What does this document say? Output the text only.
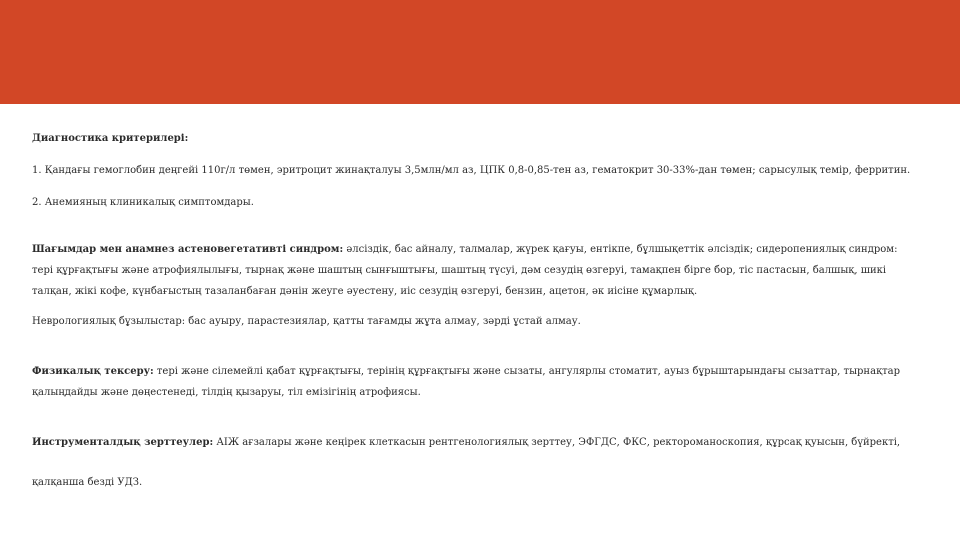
Диагностика критерилері:

1. Қандағы гемоглобин деңгейі 110г/л төмен, эритроцит жинақталуы 3,5млн/мл аз, ЦПК 0,8-0,85-тен аз, гематокрит 30-33%-дан төмен; сарысулық темір, ферритин.

2. Анемияның клиникалық симптомдары.

Шағымдар мен анамнез астеновегетативті синдром: әлсіздік, бас айналу, талмалар, жүрек қағуы, ентікпе, бұлшықеттік әлсіздік; сидеропениялық синдром: тері құрғақтығы және атрофиялылығы, тырнақ және шаштың сынғыштығы, шаштың түсуі, дәм сезудің өзгеруі, тамақпен бірге бор, тіс пастасын, балшық, шикі талқан, жікі кофе, күнбағыстың тазаланбаған дәнін жеуге әуестену, иіс сезудің өзгеруі, бензин, ацетон, әк иісіне құмарлық.

Неврологиялық бұзылыстар: бас ауыру, парастезиялар, қатты тағамды жұта алмау, зәрді ұстай алмау.

Физикалық тексеру: тері және сілемейлі қабат құрғақтығы, терінің құрғақтығы және сызаты, ангулярлы стоматит, ауыз бұрыштарындағы сызаттар, тырнақтар қалыңдайды және дөңестенеді, тілдің қызаруы, тіл емізігінің атрофиясы.

Инструменталдық зерттеулер: АІЖ ағзалары және кеңірек клеткасын рентгенологиялық зерттеу, ЭФГДС, ФКС, ректороманоскопия, құрсақ қуысын, бүйректі,

қалқанша безді УДЗ.
